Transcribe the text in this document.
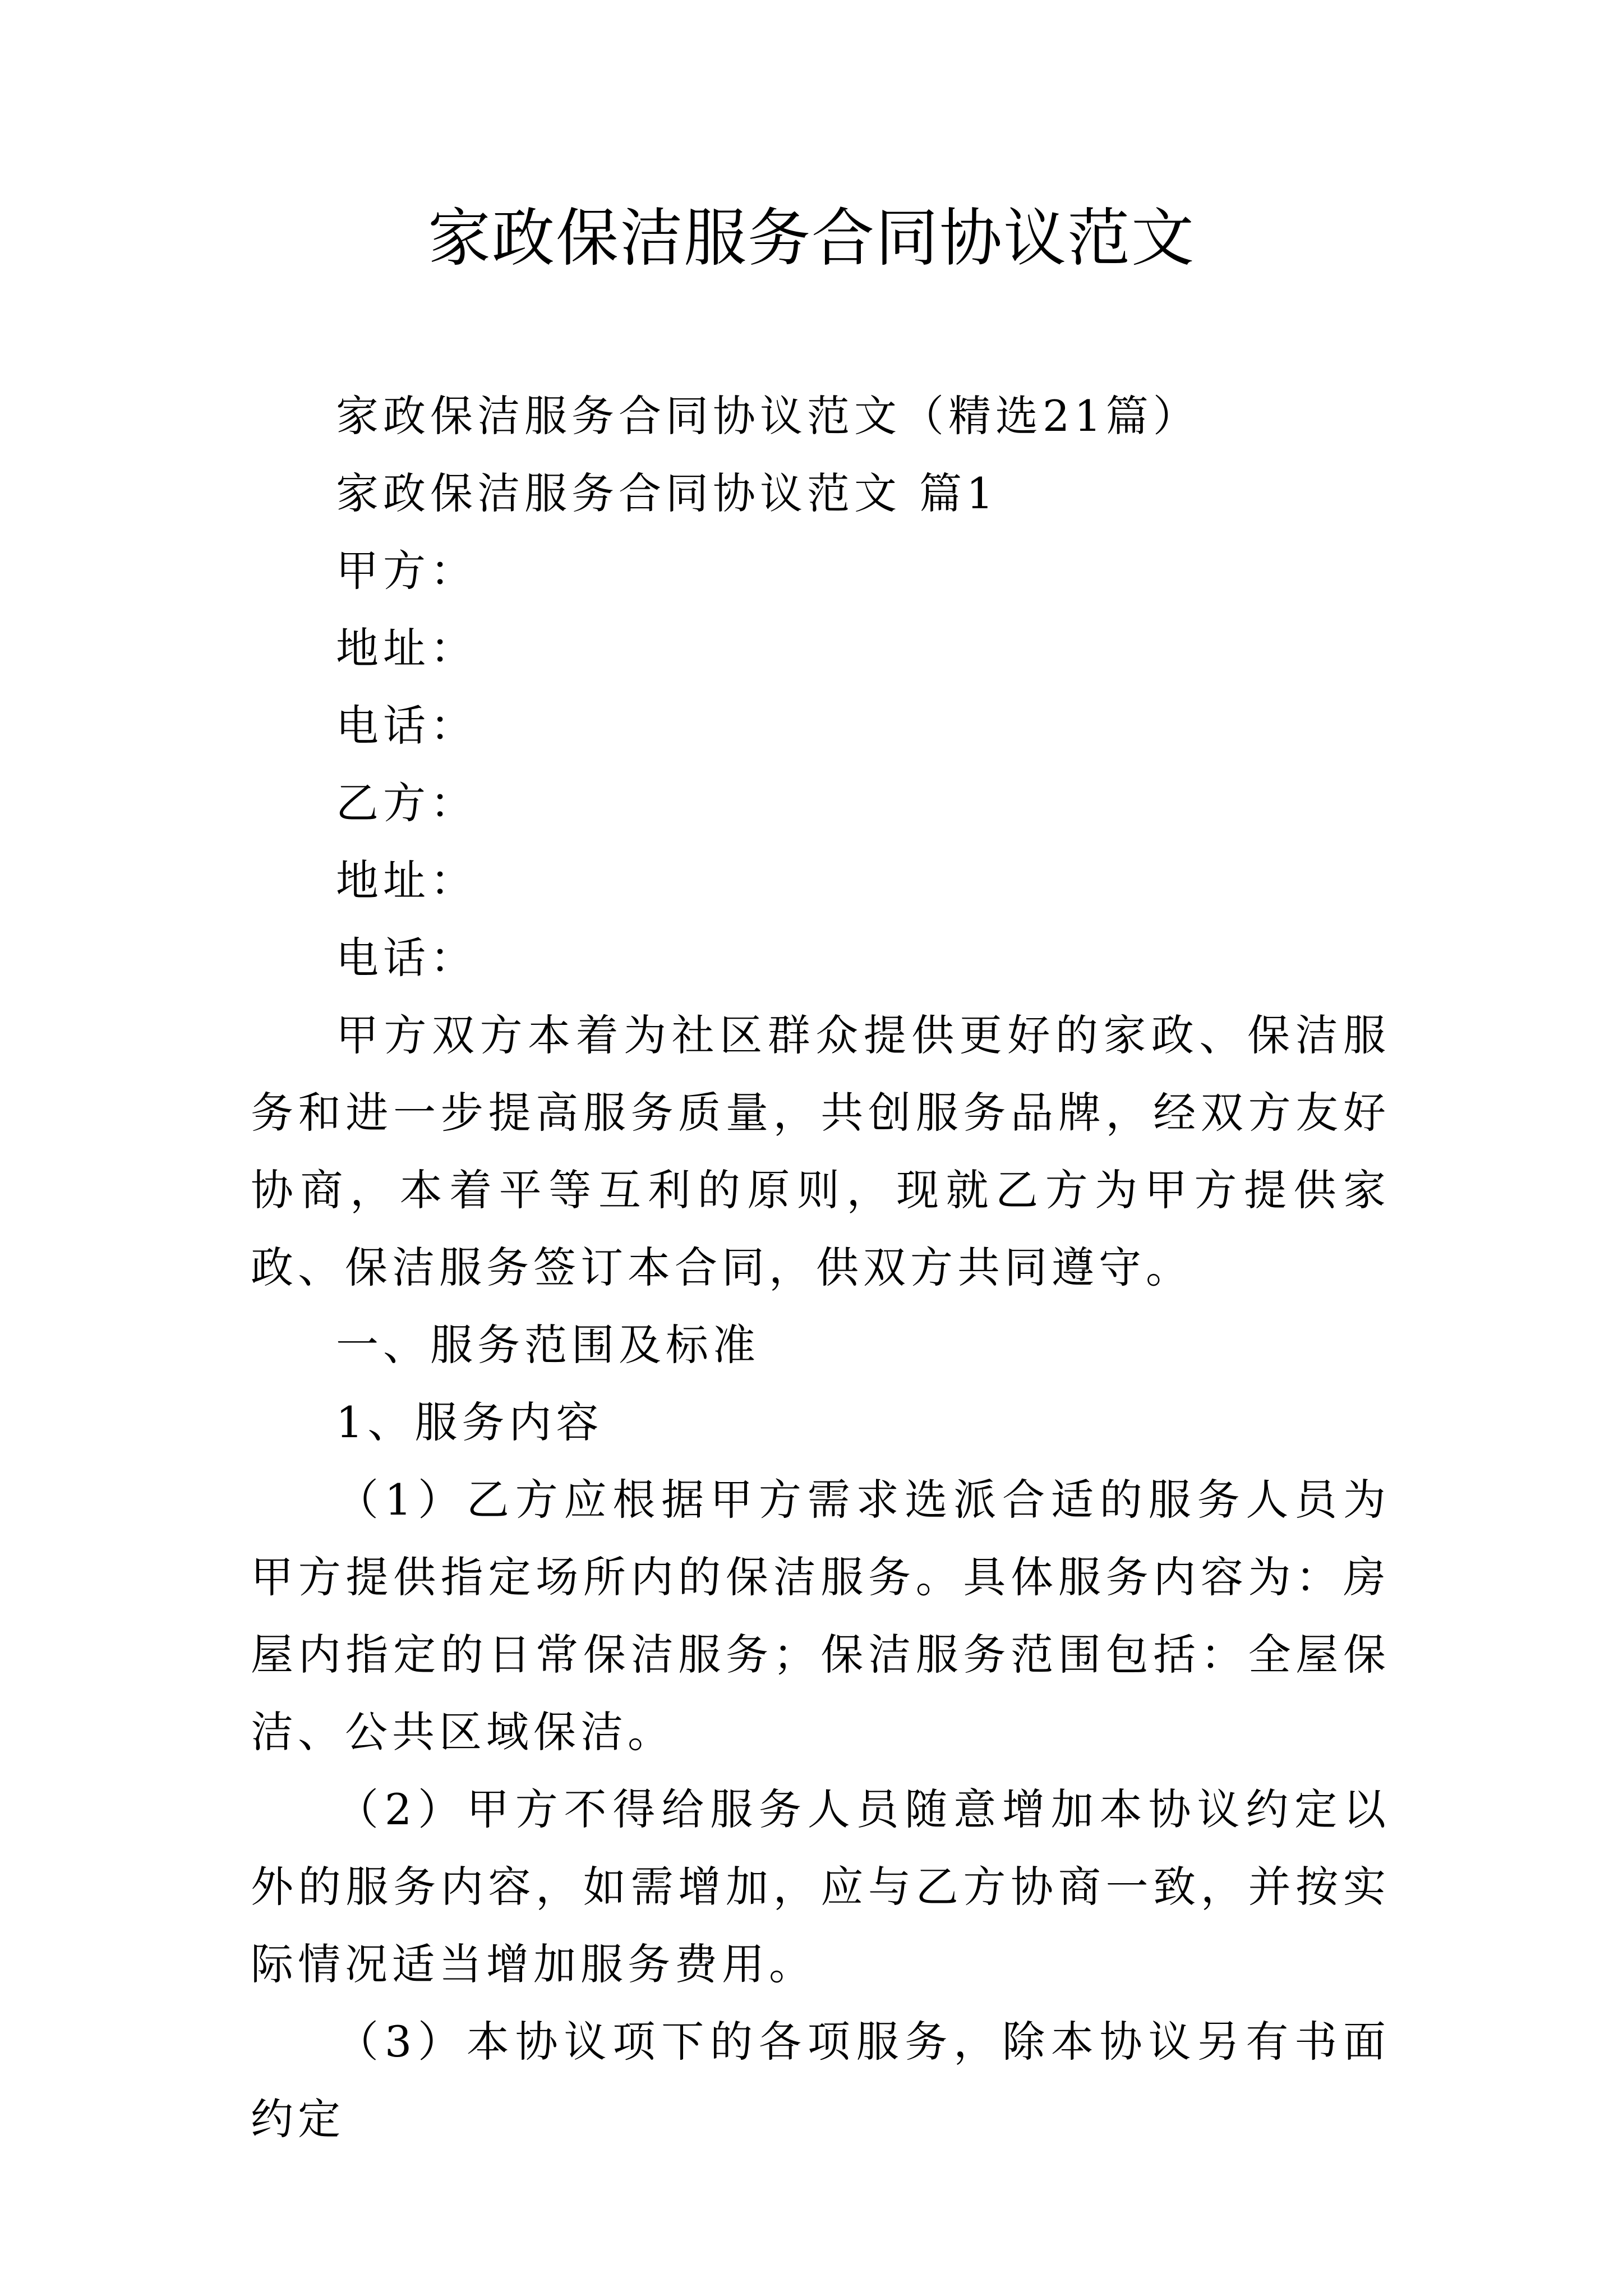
家政保洁服务合同协议范文

家政保洁服务合同协议范文（精选21篇）

家政保洁服务合同协议范文 篇1

甲方：

地址：

电话：

乙方：

地址：

电话：

甲方双方本着为社区群众提供更好的家政、保洁服务和进一步提高服务质量，共创服务品牌，经双方友好协商，本着平等互利的原则，现就乙方为甲方提供家政、保洁服务签订本合同，供双方共同遵守。

一、服务范围及标准

1、服务内容

（1）乙方应根据甲方需求选派合适的服务人员为甲方提供指定场所内的保洁服务。具体服务内容为：房屋内指定的日常保洁服务；保洁服务范围包括：全屋保洁、公共区域保洁。

（2）甲方不得给服务人员随意增加本协议约定以外的服务内容，如需增加，应与乙方协商一致，并按实际情况适当增加服务费用。

（3）本协议项下的各项服务，除本协议另有书面约定
